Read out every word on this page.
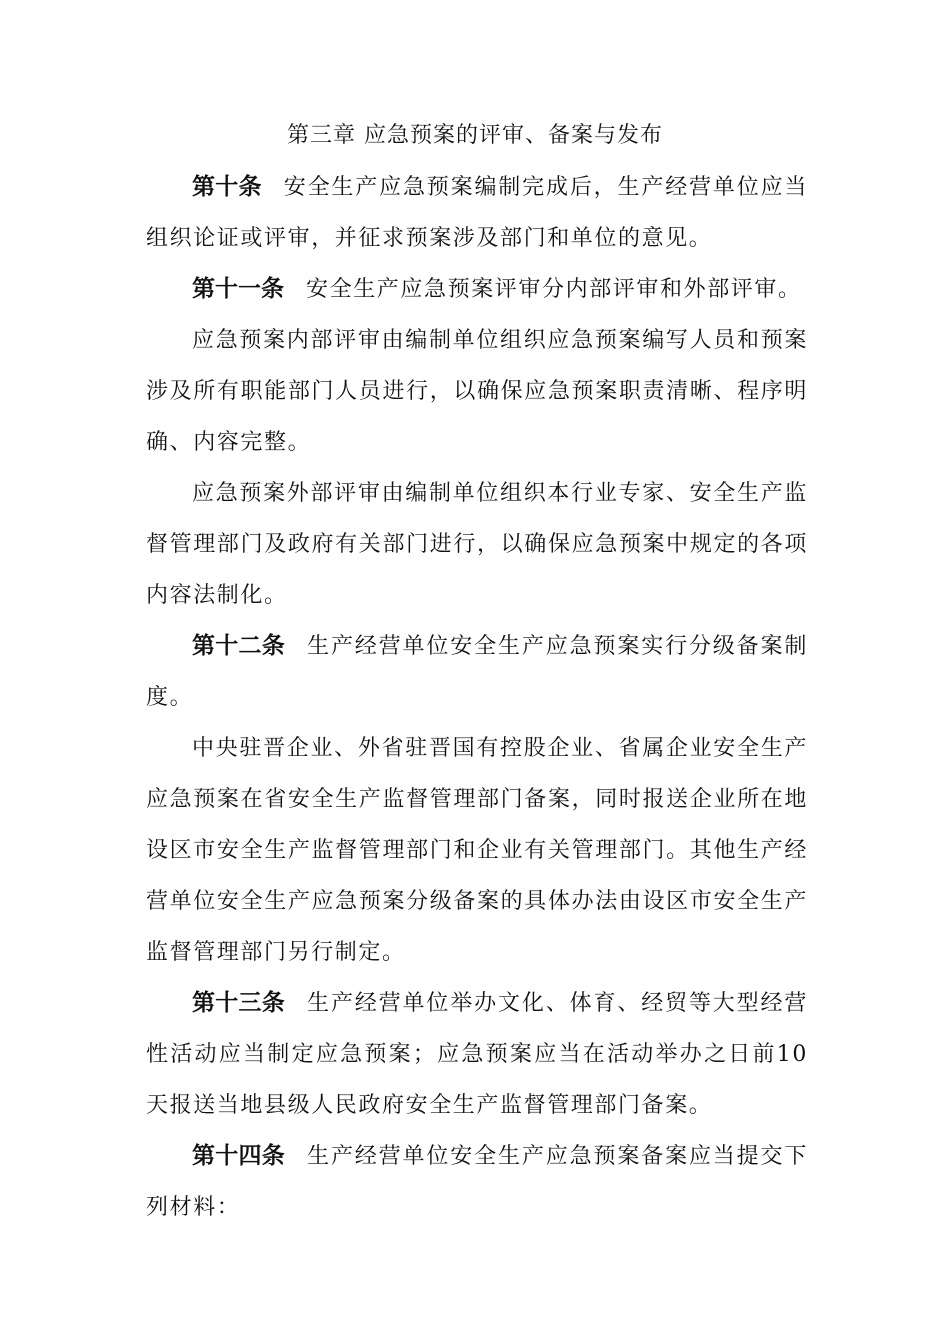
第三章 应急预案的评审、备案与发布

第十条 安全生产应急预案编制完成后，生产经营单位应当组织论证或评审，并征求预案涉及部门和单位的意见。

第十一条 安全生产应急预案评审分内部评审和外部评审。

应急预案内部评审由编制单位组织应急预案编写人员和预案涉及所有职能部门人员进行，以确保应急预案职责清晰、程序明确、内容完整。

应急预案外部评审由编制单位组织本行业专家、安全生产监督管理部门及政府有关部门进行，以确保应急预案中规定的各项内容法制化。

第十二条 生产经营单位安全生产应急预案实行分级备案制度。

中央驻晋企业、外省驻晋国有控股企业、省属企业安全生产应急预案在省安全生产监督管理部门备案，同时报送企业所在地设区市安全生产监督管理部门和企业有关管理部门。其他生产经营单位安全生产应急预案分级备案的具体办法由设区市安全生产监督管理部门另行制定。

第十三条 生产经营单位举办文化、体育、经贸等大型经营性活动应当制定应急预案；应急预案应当在活动举办之日前10天报送当地县级人民政府安全生产监督管理部门备案。

第十四条 生产经营单位安全生产应急预案备案应当提交下列材料：
